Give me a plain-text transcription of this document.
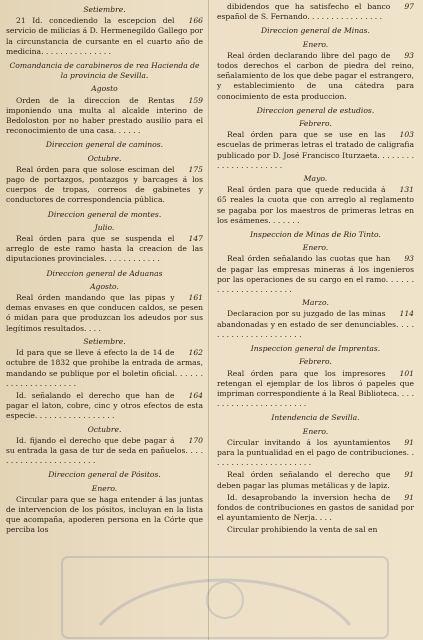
Setiembre.
166
21 Id. concediendo la escepcion del servicio de milicias á D. Hermenegildo Gallego por la circunstancia de cursante en el cuarto año de medicina. . . . . . . . . . . . . . .
Comandancia de carabineros de rea Hacienda de la provincia de Sevilla.
Agosto
159
Orden de la direccion de Rentas imponiendo una multa al alcalde interino de Bedoloston por no haber prestado ausilio para el reconocimiento de una casa. . . . . .
Direccion general de caminos.
Octubre.
175
Real órden para que solose esciman del pago de portazgos, pontazgos y barcages á los cuerpos de tropas, correos de gabinetes y conductores de correspondencia pública.
Direccion general de montes.
Julio.
147
Real órden para que se suspenda el arreglo de este ramo hasta la creacion de las diputaciones provinciales. . . . . . . . . . . .
Direccion general de Aduanas
Agosto.
161
Real órden mandando que las pipas y demas envases en que conducen caldos, se pesen ó midan para que produzcan los adeudos por sus legítimos resultados. . . .
Setiembre.
162
Id para que se lleve á efecto la de 14 de octubre de 1832 que prohibe la entrada de armas, mandando se publique por el boletin oficial. . . . . . . . . . . . . . . . . . . . .
164
Id. señalando el derecho que han de pagar el laton, cobre, cinc y otros efectos de esta especie. . . . . . . . . . . . . . . . .
Octubre.
170
Id. fijando el derecho que debe pagar á su entrada la gasa de tur de seda en pañuelos. . . . . . . . . . . . . . . . . . . . . . .
Direccion general de Pósitos.
Enero.
Circular para que se haga entender á las juntas de intervencion de los pósitos, incluyan en la lista que acompaña, apoderen persona en la Córte que perciba los
97
dibidendos que ha satisfecho el banco español de S. Fernando. . . . . . . . . . . . . . . .
Direccion general de Minas.
Enero.
93
Real órden declarando libre del pago de todos derechos el carbon de piedra del reino, señalamiento de los que debe pagar el estrangero, y establecimiento de una cátedra para conocimiento de esta produccion.
Direccion general de estudios.
Febrero.
103
Real órden para que se use en las escuelas de primeras letras el tratado de caligrafia publicado por D. José Francisco Iturzaeta. . . . . . . . . . . . . . . . . . . . . .
Mayo.
131
Real órden para que quede reducida á 65 reales la cuota que con arreglo al reglamento se pagaba por los maestros de primeras letras en los esámenes. . . . . . .
Inspeccion de Minas de Rio Tinto.
Enero.
93
Real órden señalando las cuotas que han de pagar las empresas mineras á los ingenieros por las operaciones de su cargo en el ramo. . . . . . . . . . . . . . . . . . . . . .
Marzo.
114
Declaracion por su juzgado de las minas abandonadas y en estado de ser denunciables. . . . . . . . . . . . . . . . . . . . . .
Inspeccion general de Imprentas.
Febrero.
101
Real órden para que los impresores retengan el ejemplar de los libros ó papeles que impriman correspondiente á la Real Biblioteca. . . . . . . . . . . . . . . . . . . . . . .
Intendencia de Sevilla.
Enero.
91
Circular invitando á los ayuntamientos para la puntualidad en el pago de contribuciones. . . . . . . . . . . . . . . . . . . . . .
91
Real órden señalando el derecho que deben pagar las plumas metálicas y de lapiz.
91
Id. desaprobando la inversion hecha de fondos de contribuciones en gastos de sanidad por el ayuntamiento de Nerja. . . .
Circular prohibiendo la venta de sal en
